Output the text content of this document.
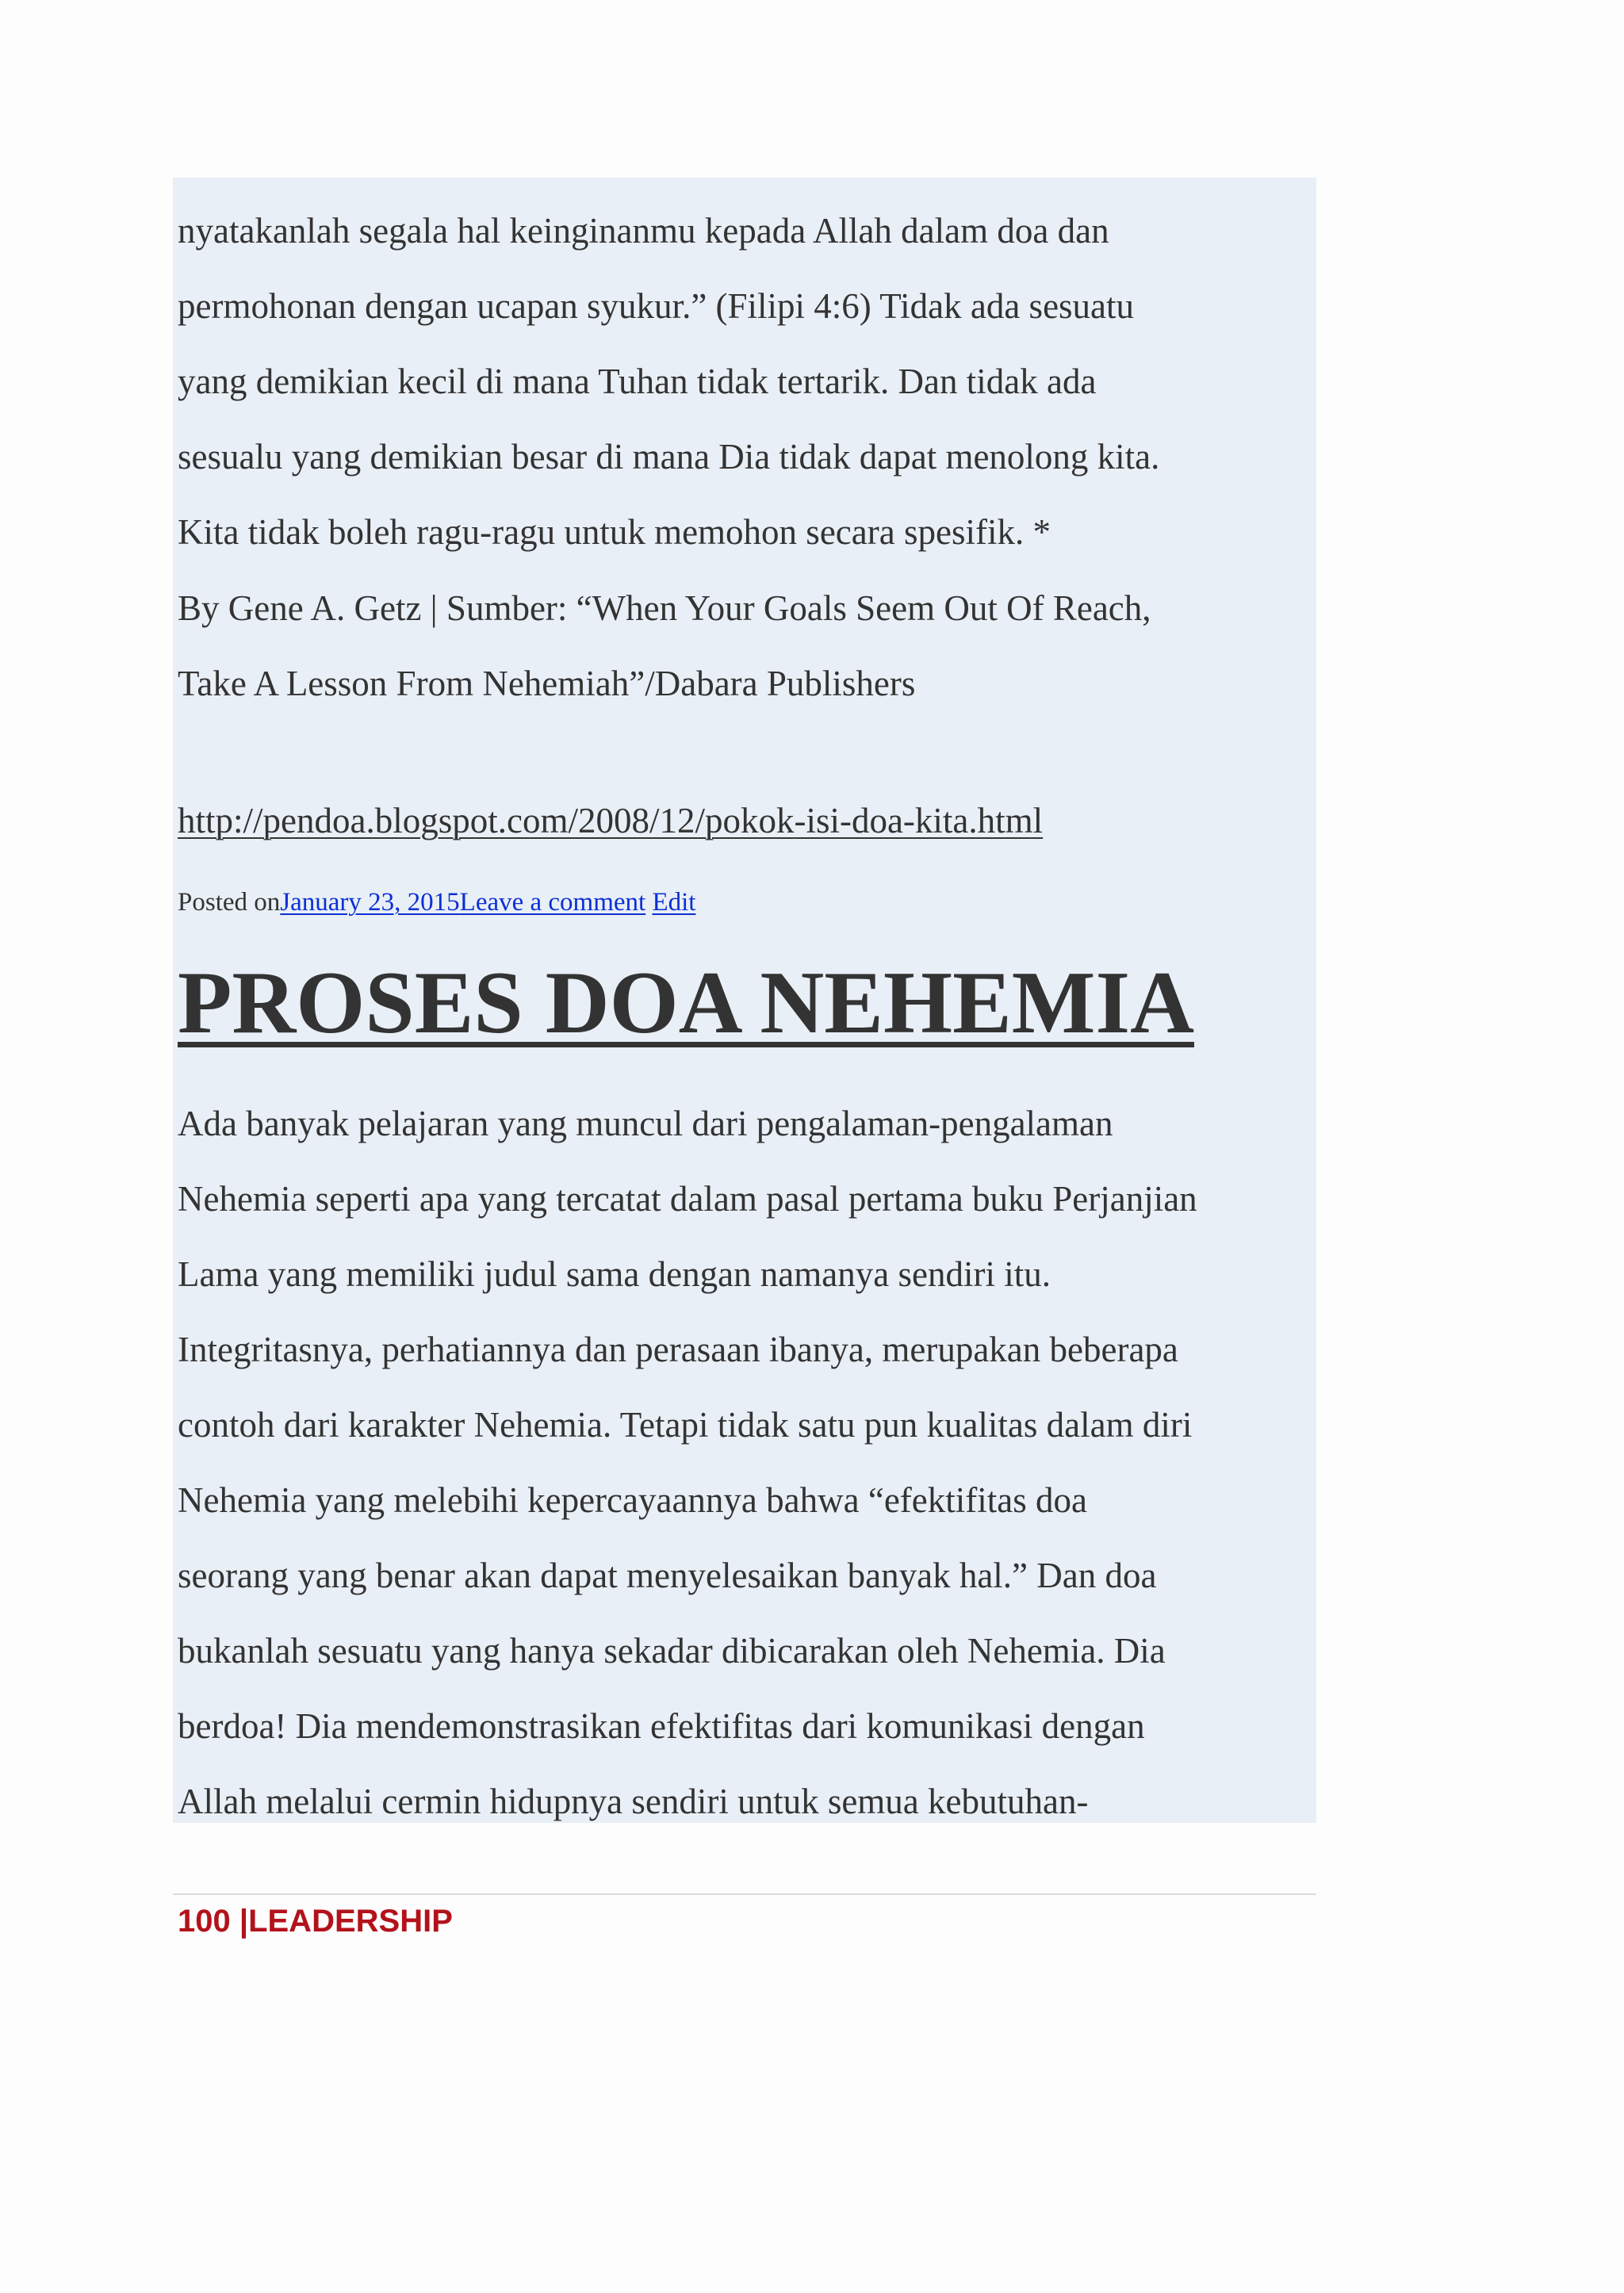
nyatakanlah segala hal keinginanmu kepada Allah dalam doa dan
permohonan dengan ucapan syukur.” (Filipi 4:6) Tidak ada sesuatu
yang demikian kecil di mana Tuhan tidak tertarik. Dan tidak ada
sesualu yang demikian besar di mana Dia tidak dapat menolong kita.
Kita tidak boleh ragu-ragu untuk memohon secara spesifik. *
By Gene A. Getz | Sumber: “When Your Goals Seem Out Of Reach,
Take A Lesson From Nehemiah”/Dabara Publishers
http://pendoa.blogspot.com/2008/12/pokok-isi-doa-kita.html
Posted onJanuary 23, 2015Leave a comment Edit
PROSES DOA NEHEMIA
Ada banyak pelajaran yang muncul dari pengalaman-pengalaman
Nehemia seperti apa yang tercatat dalam pasal pertama buku Perjanjian
Lama yang memiliki judul sama dengan namanya sendiri itu.
Integritasnya, perhatiannya dan perasaan ibanya, merupakan beberapa
contoh dari karakter Nehemia. Tetapi tidak satu pun kualitas dalam diri
Nehemia yang melebihi kepercayaannya bahwa “efektifitas doa
seorang yang benar akan dapat menyelesaikan banyak hal.” Dan doa
bukanlah sesuatu yang hanya sekadar dibicarakan oleh Nehemia. Dia
berdoa! Dia mendemonstrasikan efektifitas dari komunikasi dengan
Allah melalui cermin hidupnya sendiri untuk semua kebutuhan-
100 |LEADERSHIP
